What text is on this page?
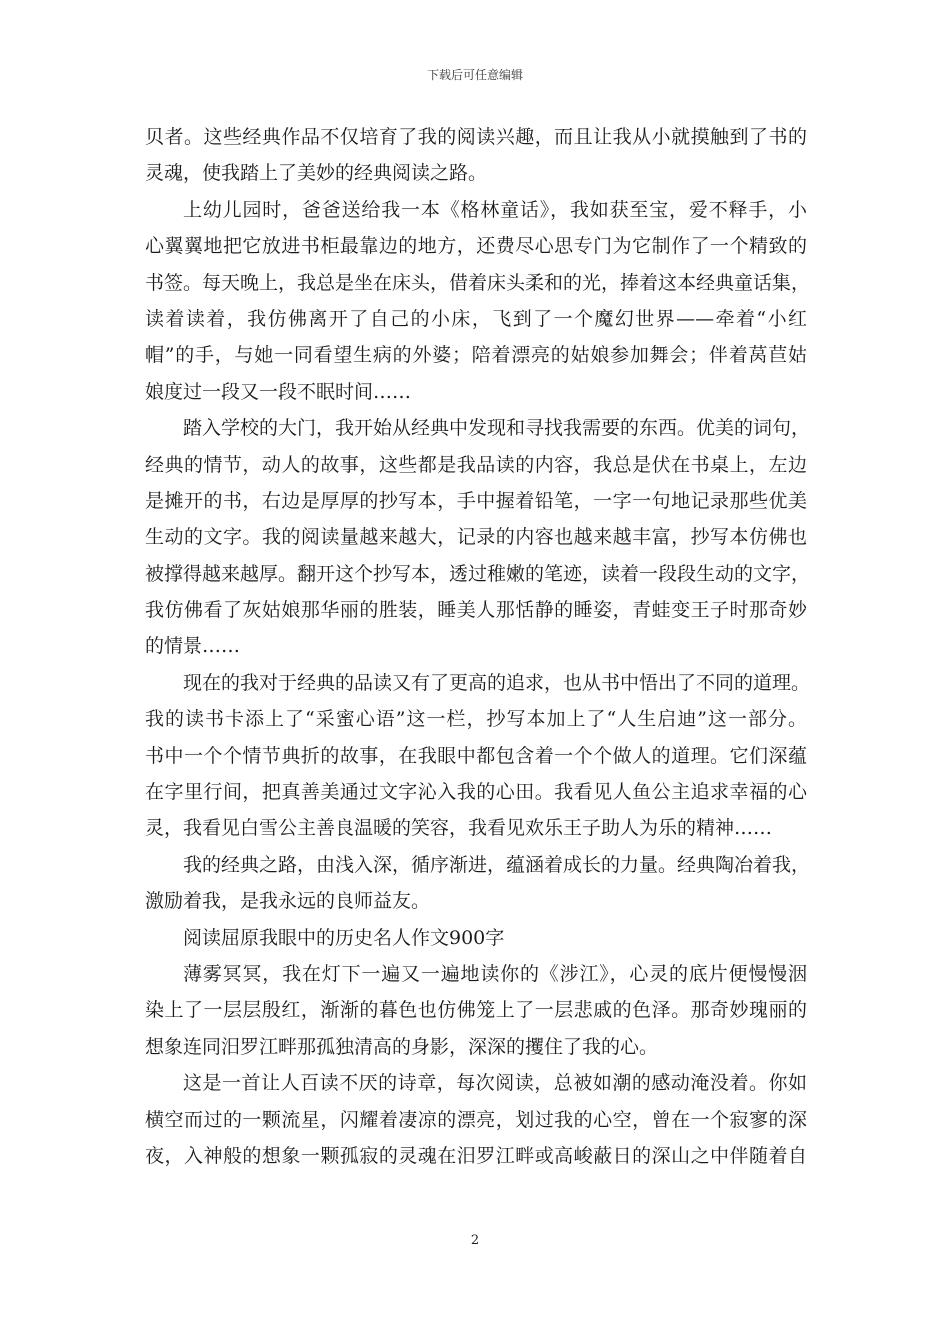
下载后可任意编辑
贝者。这些经典作品不仅培育了我的阅读兴趣，而且让我从小就摸触到了书的
灵魂，使我踏上了美妙的经典阅读之路。
上幼儿园时，爸爸送给我一本《格林童话》，我如获至宝，爱不释手，小
心翼翼地把它放进书柜最靠边的地方，还费尽心思专门为它制作了一个精致的
书签。每天晚上，我总是坐在床头，借着床头柔和的光，捧着这本经典童话集，
读着读着，我仿佛离开了自己的小床，飞到了一个魔幻世界——牵着“小红
帽”的手，与她一同看望生病的外婆；陪着漂亮的姑娘参加舞会；伴着莴苣姑
娘度过一段又一段不眠时间……
踏入学校的大门，我开始从经典中发现和寻找我需要的东西。优美的词句，
经典的情节，动人的故事，这些都是我品读的内容，我总是伏在书桌上，左边
是摊开的书，右边是厚厚的抄写本，手中握着铅笔，一字一句地记录那些优美
生动的文字。我的阅读量越来越大，记录的内容也越来越丰富，抄写本仿佛也
被撑得越来越厚。翻开这个抄写本，透过稚嫩的笔迹，读着一段段生动的文字，
我仿佛看了灰姑娘那华丽的胜装，睡美人那恬静的睡姿，青蛙变王子时那奇妙
的情景……
现在的我对于经典的品读又有了更高的追求，也从书中悟出了不同的道理。
我的读书卡添上了“采蜜心语”这一栏，抄写本加上了“人生启迪”这一部分。
书中一个个情节典折的故事，在我眼中都包含着一个个做人的道理。它们深蕴
在字里行间，把真善美通过文字沁入我的心田。我看见人鱼公主追求幸福的心
灵，我看见白雪公主善良温暖的笑容，我看见欢乐王子助人为乐的精神……
我的经典之路，由浅入深，循序渐进，蕴涵着成长的力量。经典陶冶着我，
激励着我，是我永远的良师益友。
阅读屈原我眼中的历史名人作文900字
薄雾冥冥，我在灯下一遍又一遍地读你的《涉江》，心灵的底片便慢慢洇
染上了一层层殷红，渐渐的暮色也仿佛笼上了一层悲戚的色泽。那奇妙瑰丽的
想象连同汨罗江畔那孤独清高的身影，深深的攫住了我的心。
这是一首让人百读不厌的诗章，每次阅读，总被如潮的感动淹没着。你如
横空而过的一颗流星，闪耀着凄凉的漂亮，划过我的心空，曾在一个寂寥的深
夜，入神般的想象一颗孤寂的灵魂在汨罗江畔或高峻蔽日的深山之中伴随着自
2
